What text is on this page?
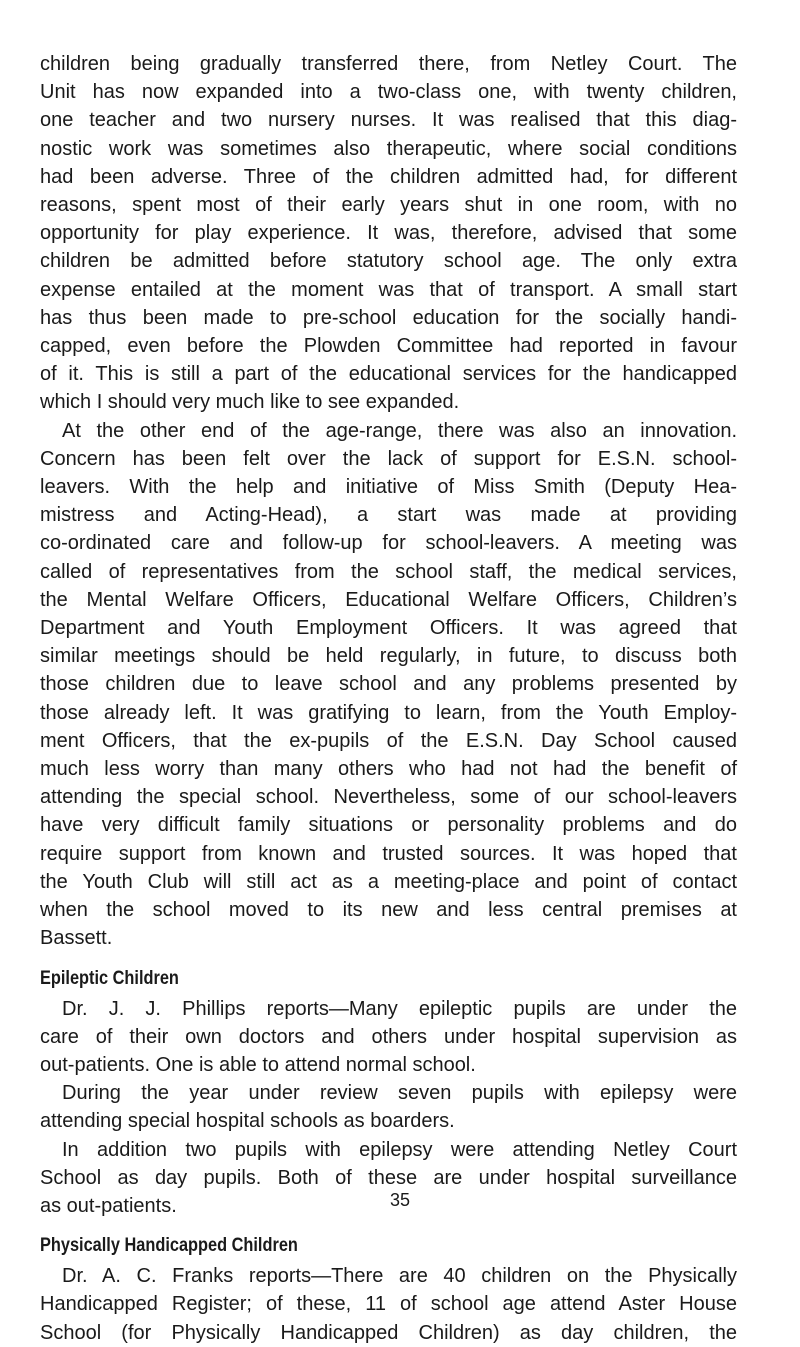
children being gradually transferred there, from Netley Court. The
Unit has now expanded into a two-class one, with twenty children,
one teacher and two nursery nurses. It was realised that this diag-
nostic work was sometimes also therapeutic, where social conditions
had been adverse. Three of the children admitted had, for different
reasons, spent most of their early years shut in one room, with no
opportunity for play experience. It was, therefore, advised that some
children be admitted before statutory school age. The only extra
expense entailed at the moment was that of transport. A small start
has thus been made to pre-school education for the socially handi-
capped, even before the Plowden Committee had reported in favour
of it. This is still a part of the educational services for the handicapped
which I should very much like to see expanded.

At the other end of the age-range, there was also an innovation.
Concern has been felt over the lack of support for E.S.N. school-
leavers. With the help and initiative of Miss Smith (Deputy Hea-
mistress and Acting-Head), a start was made at providing
co-ordinated care and follow-up for school-leavers. A meeting was
called of representatives from the school staff, the medical services,
the Mental Welfare Officers, Educational Welfare Officers, Children’s
Department and Youth Employment Officers. It was agreed that
similar meetings should be held regularly, in future, to discuss both
those children due to leave school and any problems presented by
those already left. It was gratifying to learn, from the Youth Employ-
ment Officers, that the ex-pupils of the E.S.N. Day School caused
much less worry than many others who had not had the benefit of
attending the special school. Nevertheless, some of our school-leavers
have very difficult family situations or personality problems and do
require support from known and trusted sources. It was hoped that
the Youth Club will still act as a meeting-place and point of contact
when the school moved to its new and less central premises at
Bassett.

Epileptic Children

Dr. J. J. Phillips reports—Many epileptic pupils are under the
care of their own doctors and others under hospital supervision as
out-patients. One is able to attend normal school.

During the year under review seven pupils with epilepsy were
attending special hospital schools as boarders.

In addition two pupils with epilepsy were attending Netley Court
School as day pupils. Both of these are under hospital surveillance
as out-patients.

Physically Handicapped Children

Dr. A. C. Franks reports—There are 40 children on the Physically
Handicapped Register; of these, 11 of school age attend Aster House
School (for Physically Handicapped Children) as day children, the

35
